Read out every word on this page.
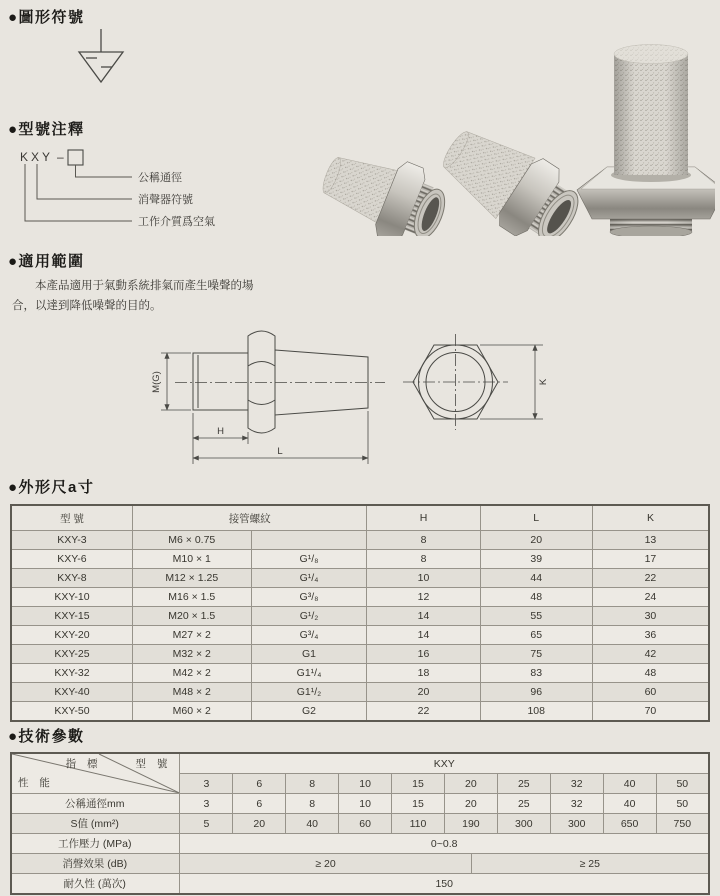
●圖形符號
●型號注釋
KXY –
公稱通徑
消聲器符號
工作介質爲空氣
●適用範圍

本產品適用于氣動系統排氣而產生噪聲的場合，以達到降低噪聲的目的。

M(G)
H
L
K
●外形尺a寸
型 號	接管螺紋		H	L	K
KXY-3	M6 × 0.75		8	20	13
KXY-6	M10 × 1	G¹/₈	8	39	17
KXY-8	M12 × 1.25	G¹/₄	10	44	22
KXY-10	M16 × 1.5	G³/₈	12	48	24
KXY-15	M20 × 1.5	G¹/₂	14	55	30
KXY-20	M27 × 2	G³/₄	14	65	36
KXY-25	M32 × 2	G1	16	75	42
KXY-32	M42 × 2	G1¹/₄	18	83	48
KXY-40	M48 × 2	G1¹/₂	20	96	60
KXY-50	M60 × 2	G2	22	108	70
●技術參數
指 標 型 號
性 能	KXY									
	3	6	8	10	15	20	25	32	40	50
公稱通徑mm	3	6	8	10	15	20	25	32	40	50
S值 (mm²)	5	20	40	60	110	190	300	300	650	750
工作壓力 (MPa)	0~0.8									
消聲效果 (dB)	≥ 20 ≥ 25									

耐久性 (萬次)	150									
